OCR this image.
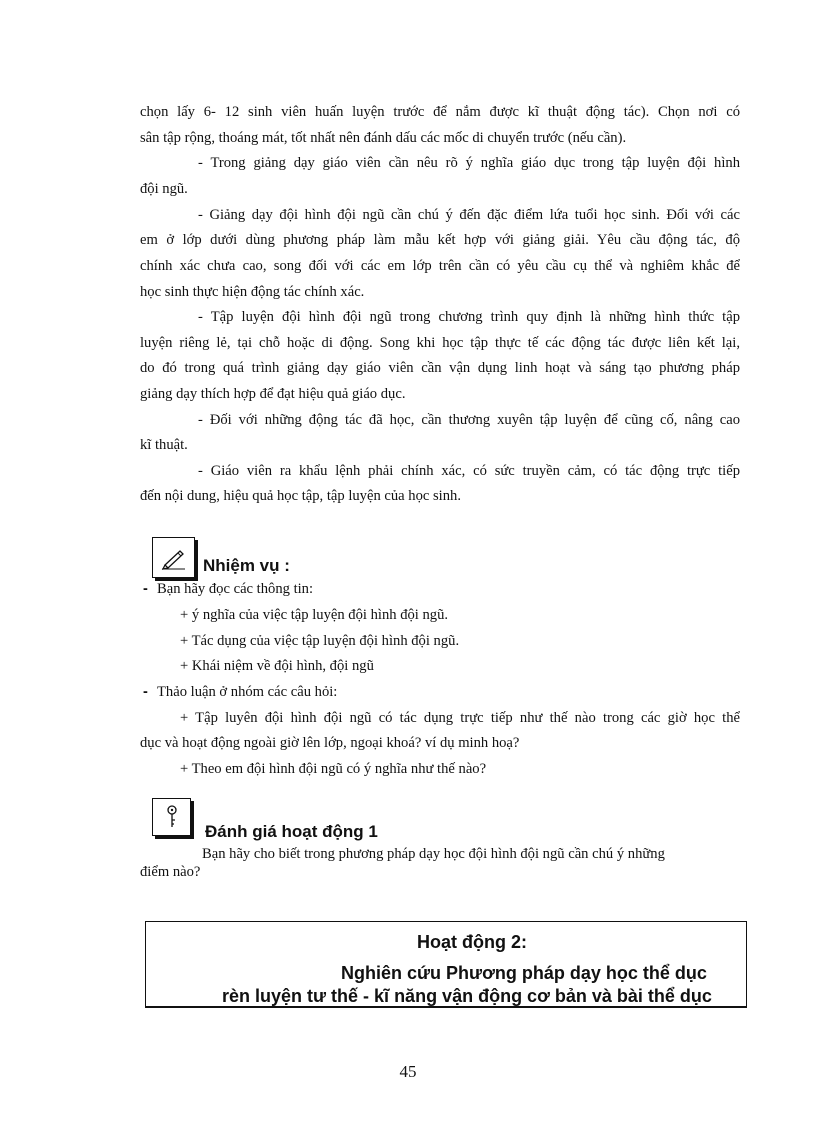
chọn lấy 6- 12 sinh viên huấn luyện trước để nắm được kĩ thuật động tác). Chọn nơi có
sân tập rộng, thoáng mát, tốt nhất nên đánh dấu các mốc di chuyển trước (nếu cần).
- Trong giảng dạy giáo viên cần nêu rõ ý nghĩa giáo dục trong tập luyện đội hình
đội ngũ.
- Giảng dạy đội hình đội ngũ cần chú ý đến đặc điểm lứa tuổi học sinh. Đối với các
em ở lớp dưới dùng phương pháp làm mẫu kết hợp với giảng giải. Yêu cầu động tác, độ
chính xác chưa cao, song đối với các em lớp trên cần có yêu cầu cụ thể và nghiêm khắc để
học sinh thực hiện động tác chính xác.
- Tập luyện đội hình đội ngũ trong chương trình quy định là những hình thức tập
luyện riêng lẻ, tại chỗ hoặc di động. Song khi học tập thực tế các động tác được liên kết lại,
do đó trong quá trình giảng dạy giáo viên cần vận dụng linh hoạt và sáng tạo phương pháp
giảng dạy thích hợp để đạt hiệu quả giáo dục.
- Đối với những động tác đã học, cần thương xuyên tập luyện để cũng cố, nâng cao
kĩ thuật.
- Giáo viên ra khẩu lệnh phải chính xác, có sức truyền cảm, có tác động trực tiếp
đến nội dung, hiệu quả học tập, tập luyện của học sinh.
Nhiệm vụ :
- Bạn hãy đọc các thông tin:
+ ý nghĩa của việc tập luyện đội hình đội ngũ.
+ Tác dụng của việc tập luyện đội hình đội ngũ.
+ Khái niệm về đội hình, đội ngũ
- Thảo luận ở nhóm các câu hỏi:
+ Tập luyên đội hình đội ngũ có tác dụng trực tiếp như thế nào trong các giờ học thể
dục và hoạt động ngoài giờ lên lớp, ngoại khoá? ví dụ minh hoạ?
+ Theo em đội hình đội ngũ có ý nghĩa như thế nào?
Đánh giá hoạt động 1
Bạn hãy cho biết trong phương pháp dạy học đội hình đội ngũ cần chú ý những
điểm nào?
Hoạt động 2:
Nghiên cứu Phương pháp dạy học thể dục
rèn luyện tư thế - kĩ năng vận động cơ bản và bài thể dục
45
